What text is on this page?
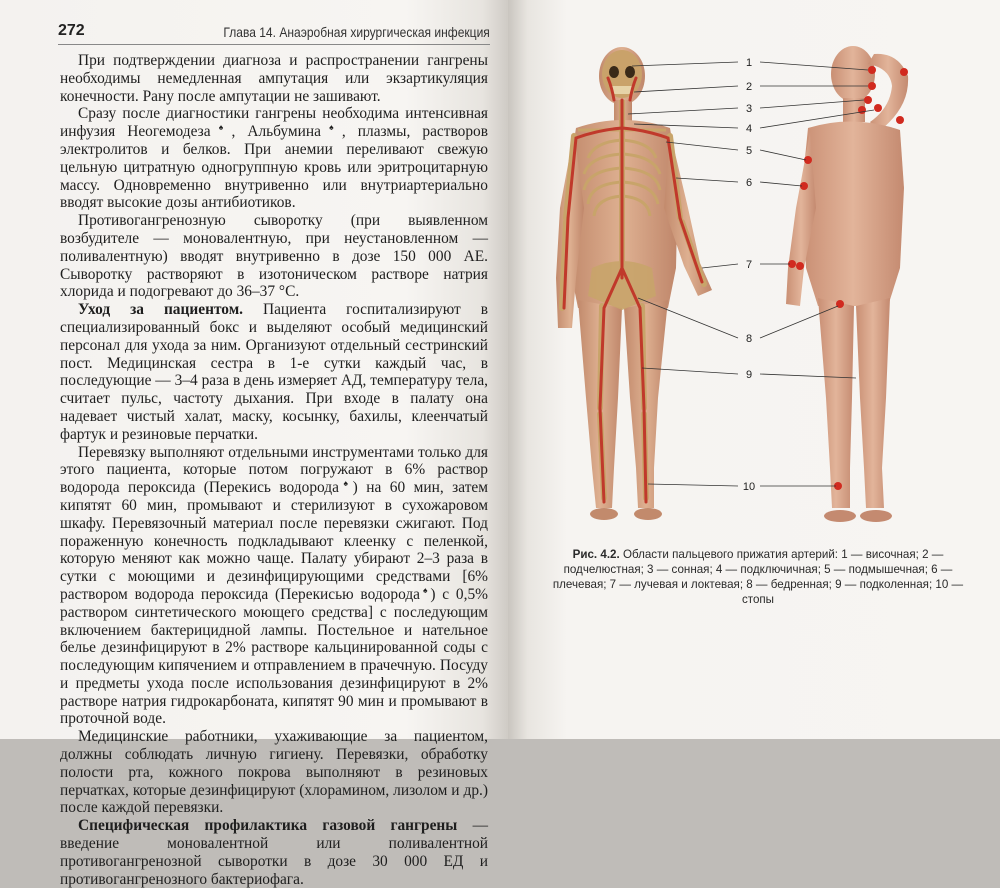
272	Глава 14. Анаэробная хирургическая инфекция

При подтверждении диагноза и распространении гангрены необходимы немедленная ампутация или экзартикуляция конечности. Рану после ампутации не зашивают.

Сразу после диагностики гангрены необходима интенсивная инфузия Неогемодеза♠, Альбумина♠, плазмы, растворов электролитов и белков. При анемии переливают свежую цельную цитратную одногруппную кровь или эритроцитарную массу. Одновременно внутривенно или внутриартериально вводят высокие дозы антибиотиков.

Противогангренозную сыворотку (при выявленном возбудителе — моновалентную, при неустановленном — поливалентную) вводят внутривенно в дозе 150 000 АЕ. Сыворотку растворяют в изотоническом растворе натрия хлорида и подогревают до 36–37 °С.

Уход за пациентом. Пациента госпитализируют в специализированный бокс и выделяют особый медицинский персонал для ухода за ним. Организуют отдельный сестринский пост. Медицинская сестра в 1-е сутки каждый час, в последующие — 3–4 раза в день измеряет АД, температуру тела, считает пульс, частоту дыхания. При входе в палату она надевает чистый халат, маску, косынку, бахилы, клеенчатый фартук и резиновые перчатки.

Перевязку выполняют отдельными инструментами только для этого пациента, которые потом погружают в 6% раствор водорода пероксида (Перекись водорода♠) на 60 мин, затем кипятят 60 мин, промывают и стерилизуют в сухожаровом шкафу. Перевязочный материал после перевязки сжигают. Под пораженную конечность подкладывают клеенку с пеленкой, которую меняют как можно чаще. Палату убирают 2–3 раза в сутки с моющими и дезинфицирующими средствами [6% раствором водорода пероксида (Перекисью водорода♠) с 0,5% раствором синтетического моющего средства] с последующим включением бактерицидной лампы. Постельное и нательное белье дезинфицируют в 2% растворе кальцинированной соды с последующим кипячением и отправлением в прачечную. Посуду и предметы ухода после использования дезинфицируют в 2% растворе натрия гидрокарбоната, кипятят 90 мин и промывают в проточной воде.

Медицинские работники, ухаживающие за пациентом, должны соблюдать личную гигиену. Перевязки, обработку полости рта, кожного покрова выполняют в резиновых перчатках, которые дезинфицируют (хлорамином, лизолом и др.) после каждой перевязки.

Специфическая профилактика газовой гангрены — введение моновалентной или поливалентной противогангренозной сыворотки в дозе 30 000 ЕД и противогангренозного бактериофага.

1
2
3
4
5
6
7
8
9
10
Рис. 4.2. Области пальцевого прижатия артерий: 1 — височная; 2 — подчелюстная; 3 — сонная; 4 — подключичная; 5 — подмышечная; 6 — плечевая; 7 — лучевая и локтевая; 8 — бедренная; 9 — подколенная; 10 — стопы
